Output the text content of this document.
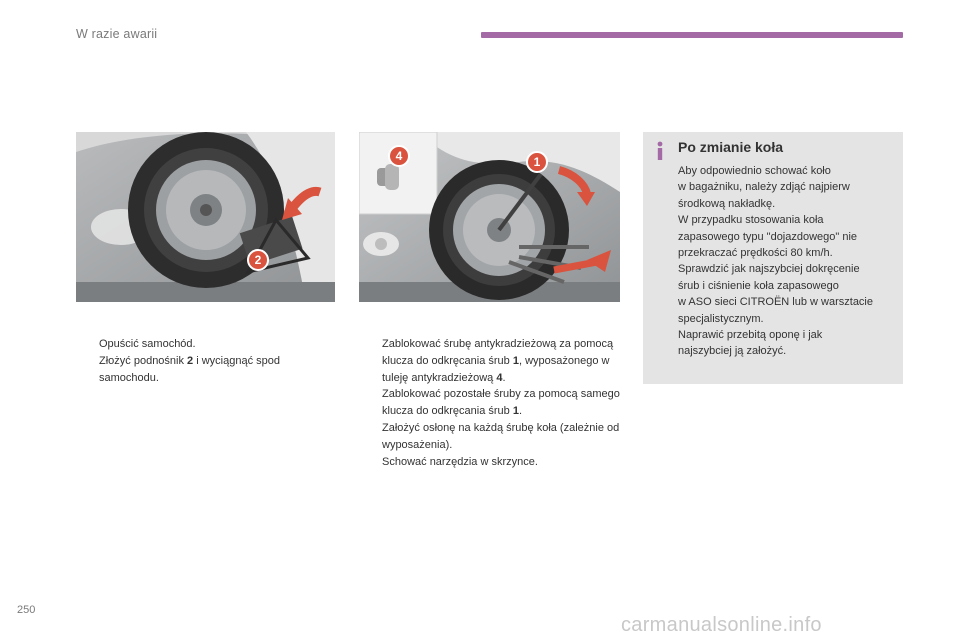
W razie awarii
2
4	1
Opuścić samochód.
Złożyć podnośnik 2 i wyciągnąć spod samochodu.
Zablokować śrubę antykradzieżową za pomocą klucza do odkręcania śrub 1, wyposażonego w tuleję antykradzieżową 4.
Zablokować pozostałe śruby za pomocą samego klucza do odkręcania śrub 1.
Założyć osłonę na każdą śrubę koła (zależnie od wyposażenia).
Schować narzędzia w skrzynce.
Po zmianie koła
Aby odpowiednio schować koło
w bagażniku, należy zdjąć najpierw
środkową nakładkę.
W przypadku stosowania koła
zapasowego typu "dojazdowego" nie
przekraczać prędkości 80 km/h.
Sprawdzić jak najszybciej dokręcenie
śrub i ciśnienie koła zapasowego
w ASO sieci CITROËN lub w warsztacie
specjalistycznym.
Naprawić przebitą oponę i jak
najszybciej ją założyć.
250
carmanualsonline.info
